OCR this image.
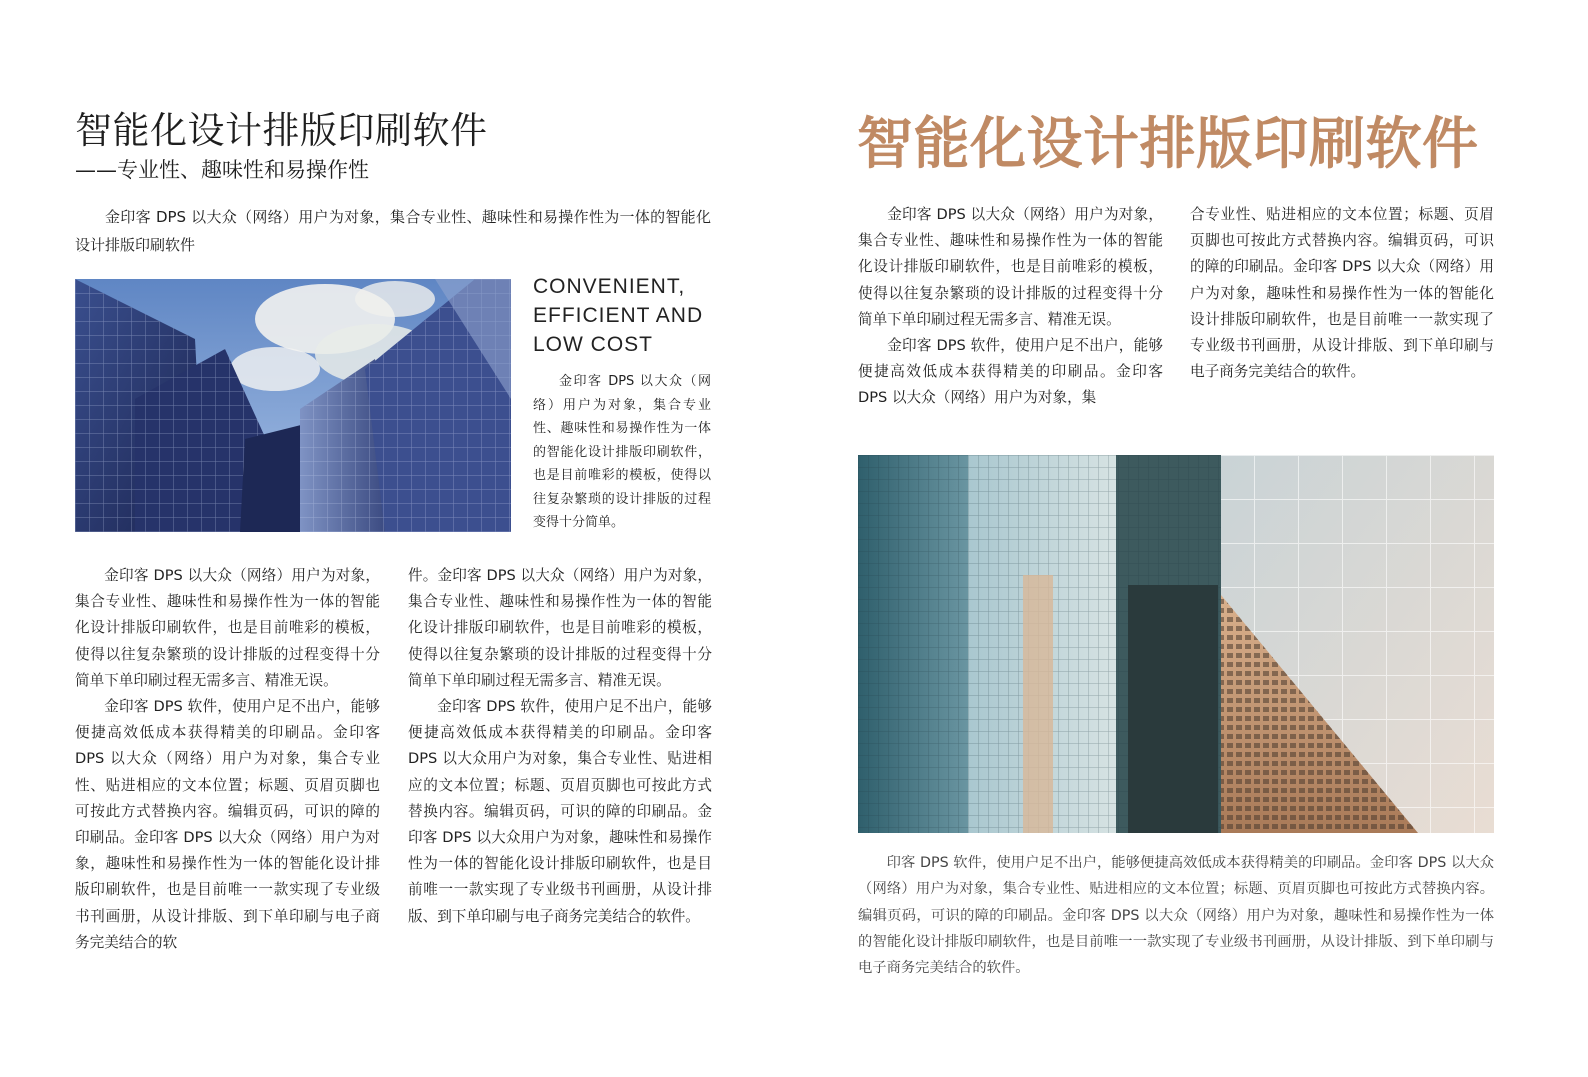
智能化设计排版印刷软件
——专业性、趣味性和易操作性

金印客 DPS 以大众（网络）用户为对象，集合专业性、趣味性和易操作性为一体的智能化设计排版印刷软件

CONVENIENT,
EFFICIENT AND
LOW COST

金印客 DPS 以大众（网络）用户为对象，集合专业性、趣味性和易操作性为一体的智能化设计排版印刷软件，也是目前唯彩的模板，使得以往复杂繁琐的设计排版的过程变得十分简单。

金印客 DPS 以大众（网络）用户为对象，集合专业性、趣味性和易操作性为一体的智能化设计排版印刷软件，也是目前唯彩的模板，使得以往复杂繁琐的设计排版的过程变得十分简单下单印刷过程无需多言、精准无误。

金印客 DPS 软件，使用户足不出户，能够便捷高效低成本获得精美的印刷品。金印客 DPS 以大众（网络）用户为对象，集合专业性、贴进相应的文本位置；标题、页眉页脚也可按此方式替换内容。编辑页码，可识的障的印刷品。金印客 DPS 以大众（网络）用户为对象，趣味性和易操作性为一体的智能化设计排版印刷软件，也是目前唯一一款实现了专业级书刊画册，从设计排版、到下单印刷与电子商务完美结合的软

件。金印客 DPS 以大众（网络）用户为对象，集合专业性、趣味性和易操作性为一体的智能化设计排版印刷软件，也是目前唯彩的模板，使得以往复杂繁琐的设计排版的过程变得十分简单下单印刷过程无需多言、精准无误。

金印客 DPS 软件，使用户足不出户，能够便捷高效低成本获得精美的印刷品。金印客 DPS 以大众用户为对象，集合专业性、贴进相应的文本位置；标题、页眉页脚也可按此方式替换内容。编辑页码，可识的障的印刷品。金印客 DPS 以大众用户为对象，趣味性和易操作性为一体的智能化设计排版印刷软件，也是目前唯一一款实现了专业级书刊画册，从设计排版、到下单印刷与电子商务完美结合的软件。

智能化设计排版印刷软件

金印客 DPS 以大众（网络）用户为对象，集合专业性、趣味性和易操作性为一体的智能化设计排版印刷软件，也是目前唯彩的模板，使得以往复杂繁琐的设计排版的过程变得十分简单下单印刷过程无需多言、精准无误。

金印客 DPS 软件，使用户足不出户，能够便捷高效低成本获得精美的印刷品。金印客 DPS 以大众（网络）用户为对象，集

合专业性、贴进相应的文本位置；标题、页眉页脚也可按此方式替换内容。编辑页码，可识的障的印刷品。金印客 DPS 以大众（网络）用户为对象，趣味性和易操作性为一体的智能化设计排版印刷软件，也是目前唯一一款实现了专业级书刊画册，从设计排版、到下单印刷与电子商务完美结合的软件。

印客 DPS 软件，使用户足不出户，能够便捷高效低成本获得精美的印刷品。金印客 DPS 以大众（网络）用户为对象，集合专业性、贴进相应的文本位置；标题、页眉页脚也可按此方式替换内容。编辑页码，可识的障的印刷品。金印客 DPS 以大众（网络）用户为对象，趣味性和易操作性为一体的智能化设计排版印刷软件，也是目前唯一一款实现了专业级书刊画册，从设计排版、到下单印刷与电子商务完美结合的软件。
